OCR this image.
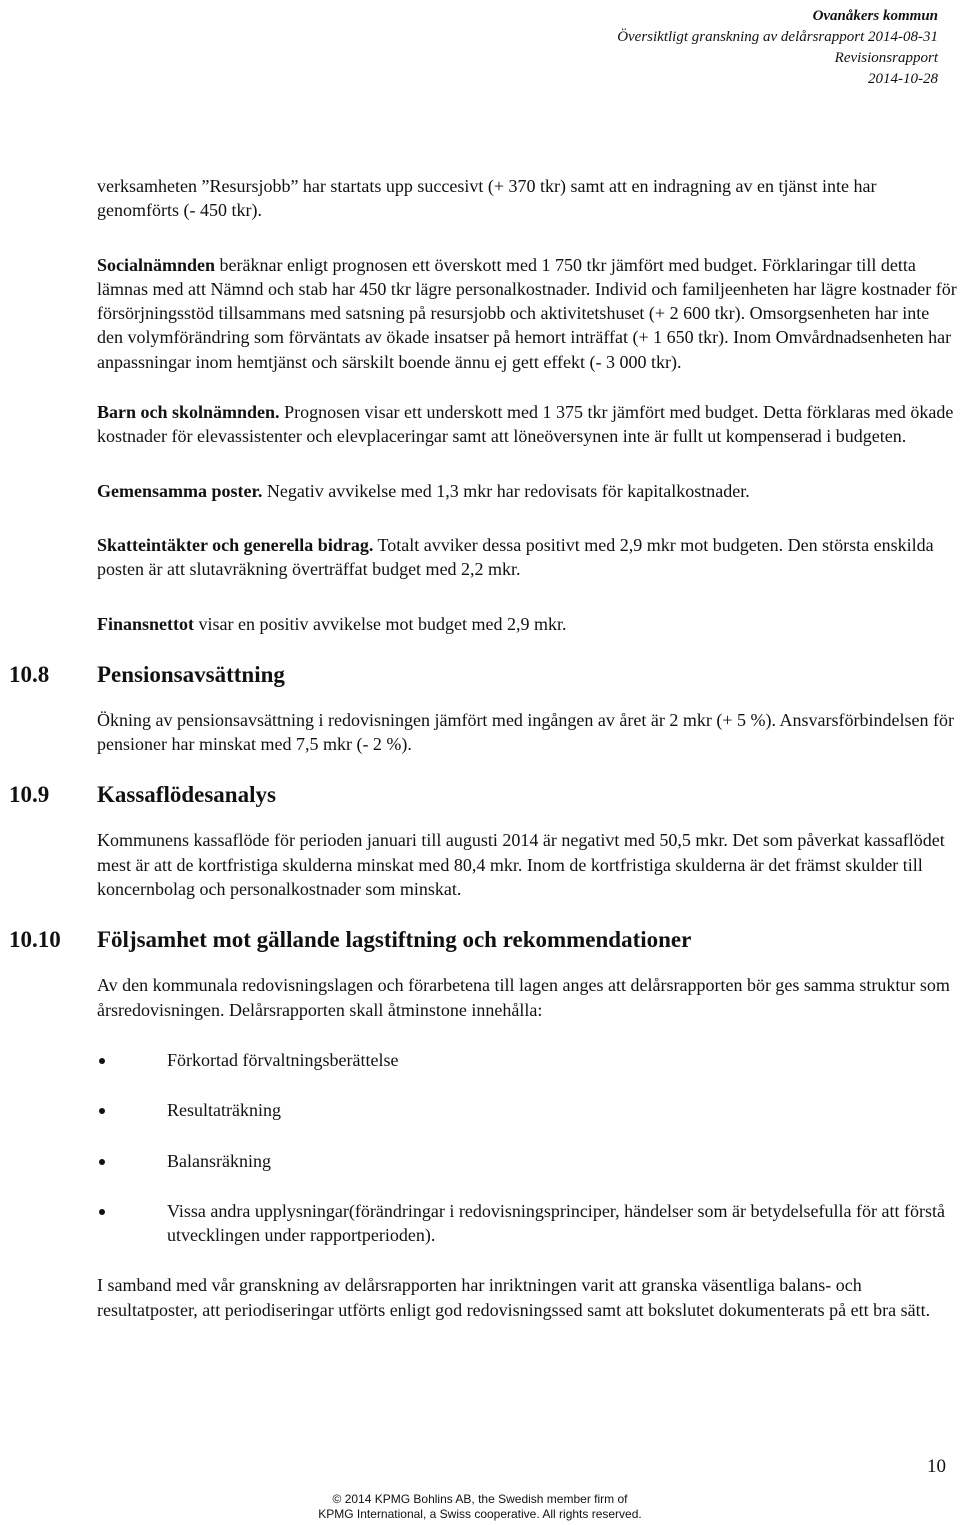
Ovanåkers kommun
Översiktligt granskning av delårsrapport 2014-08-31
Revisionsrapport
2014-10-28

verksamheten ”Resursjobb” har startats upp succesivt (+ 370 tkr) samt att en indragning av en tjänst inte har genomförts (- 450 tkr).

Socialnämnden beräknar enligt prognosen ett överskott med 1 750 tkr jämfört med budget. Förklaringar till detta lämnas med att Nämnd och stab har 450 tkr lägre personalkostnader. Individ och familjeenheten har lägre kostnader för försörjningsstöd tillsammans med satsning på resursjobb och aktivitetshuset (+ 2 600 tkr). Omsorgsenheten har inte den volymförändring som förväntats av ökade insatser på hemort inträffat (+ 1 650 tkr). Inom Omvårdnadsenheten har anpassningar inom hemtjänst och särskilt boende ännu ej gett effekt (- 3 000 tkr).

Barn och skolnämnden. Prognosen visar ett underskott med 1 375 tkr jämfört med budget. Detta förklaras med ökade kostnader för elevassistenter och elevplaceringar samt att löneöversynen inte är fullt ut kompenserad i budgeten.

Gemensamma poster. Negativ avvikelse med 1,3 mkr har redovisats för kapitalkostnader.

Skatteintäkter och generella bidrag. Totalt avviker dessa positivt med 2,9 mkr mot budgeten. Den största enskilda posten är att slutavräkning överträffat budget med 2,2 mkr.

Finansnettot visar en positiv avvikelse mot budget med 2,9 mkr.

10.8 Pensionsavsättning

Ökning av pensionsavsättning i redovisningen jämfört med ingången av året är 2 mkr (+ 5 %). Ansvarsförbindelsen för pensioner har minskat med 7,5 mkr (- 2 %).

10.9 Kassaflödesanalys

Kommunens kassaflöde för perioden januari till augusti 2014 är negativt med 50,5 mkr. Det som påverkat kassaflödet mest är att de kortfristiga skulderna minskat med 80,4 mkr. Inom de kortfristiga skulderna är det främst skulder till koncernbolag och personalkostnader som minskat.

10.10 Följsamhet mot gällande lagstiftning och rekommendationer

Av den kommunala redovisningslagen och förarbetena till lagen anges att delårsrapporten bör ges samma struktur som årsredovisningen. Delårsrapporten skall åtminstone innehålla:

Förkortad förvaltningsberättelse
Resultaträkning
Balansräkning
Vissa andra upplysningar(förändringar i redovisningsprinciper, händelser som är betydelsefulla för att förstå utvecklingen under rapportperioden).

I samband med vår granskning av delårsrapporten har inriktningen varit att granska väsentliga balans- och resultatposter, att periodiseringar utförts enligt god redovisningssed samt att bokslutet dokumenterats på ett bra sätt.

10
© 2014 KPMG Bohlins AB, the Swedish member firm of
KPMG International, a Swiss cooperative. All rights reserved.
